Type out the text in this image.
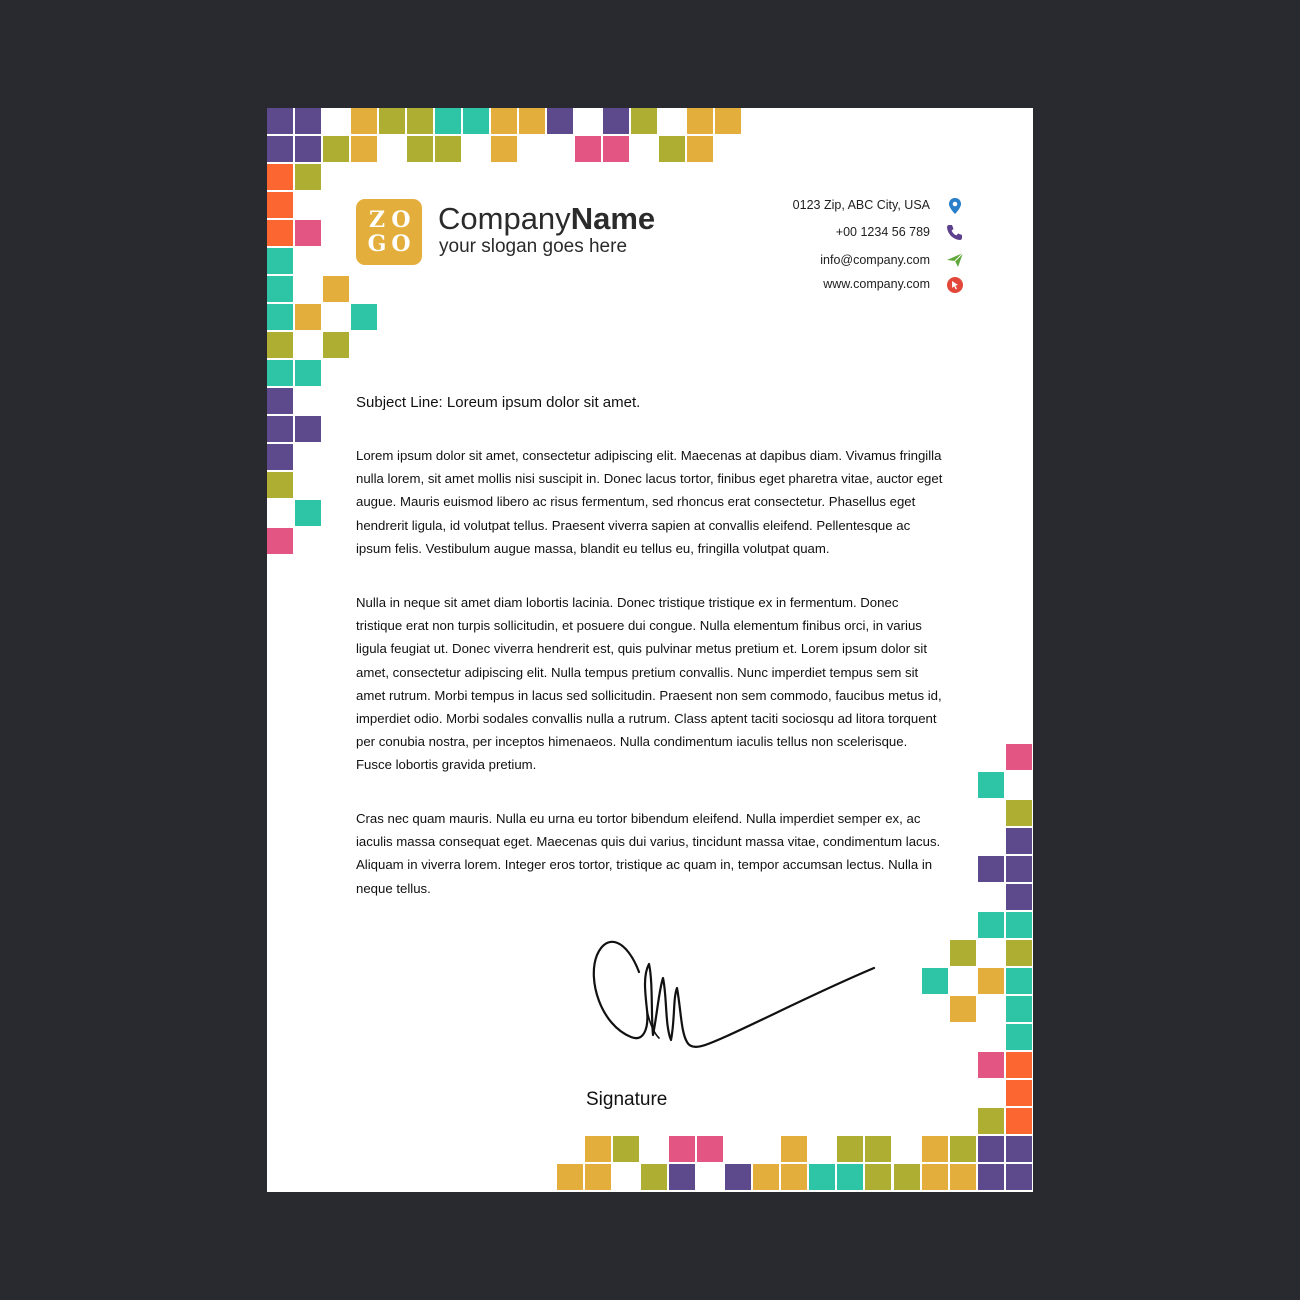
Z O
G O
CompanyName
your slogan goes here
0123 Zip, ABC City, USA
+00 1234 56 789
info@company.com
www.company.com
Subject Line: Loreum ipsum dolor sit amet.

Lorem ipsum dolor sit amet, consectetur adipiscing elit. Maecenas at dapibus diam. Vivamus fringilla nulla lorem, sit amet mollis nisi suscipit in. Donec lacus tortor, finibus eget pharetra vitae, auctor eget augue. Mauris euismod libero ac risus fermentum, sed rhoncus erat consectetur. Phasellus eget hendrerit ligula, id volutpat tellus. Praesent viverra sapien at convallis eleifend. Pellentesque ac ipsum felis. Vestibulum augue massa, blandit eu tellus eu, fringilla volutpat quam.

Nulla in neque sit amet diam lobortis lacinia. Donec tristique tristique ex in fermentum. Donec tristique erat non turpis sollicitudin, et posuere dui congue. Nulla elementum finibus orci, in varius ligula feugiat ut. Donec viverra hendrerit est, quis pulvinar metus pretium et. Lorem ipsum dolor sit amet, consectetur adipiscing elit. Nulla tempus pretium convallis. Nunc imperdiet tempus sem sit amet rutrum. Morbi tempus in lacus sed sollicitudin. Praesent non sem commodo, faucibus metus id, imperdiet odio. Morbi sodales convallis nulla a rutrum. Class aptent taciti sociosqu ad litora torquent per conubia nostra, per inceptos himenaeos. Nulla condimentum iaculis tellus non scelerisque. Fusce lobortis gravida pretium.

Cras nec quam mauris. Nulla eu urna eu tortor bibendum eleifend. Nulla imperdiet semper ex, ac iaculis massa consequat eget. Maecenas quis dui varius, tincidunt massa vitae, condimentum lacus. Aliquam in viverra lorem. Integer eros tortor, tristique ac quam in, tempor accumsan lectus. Nulla in neque tellus.

Signature
